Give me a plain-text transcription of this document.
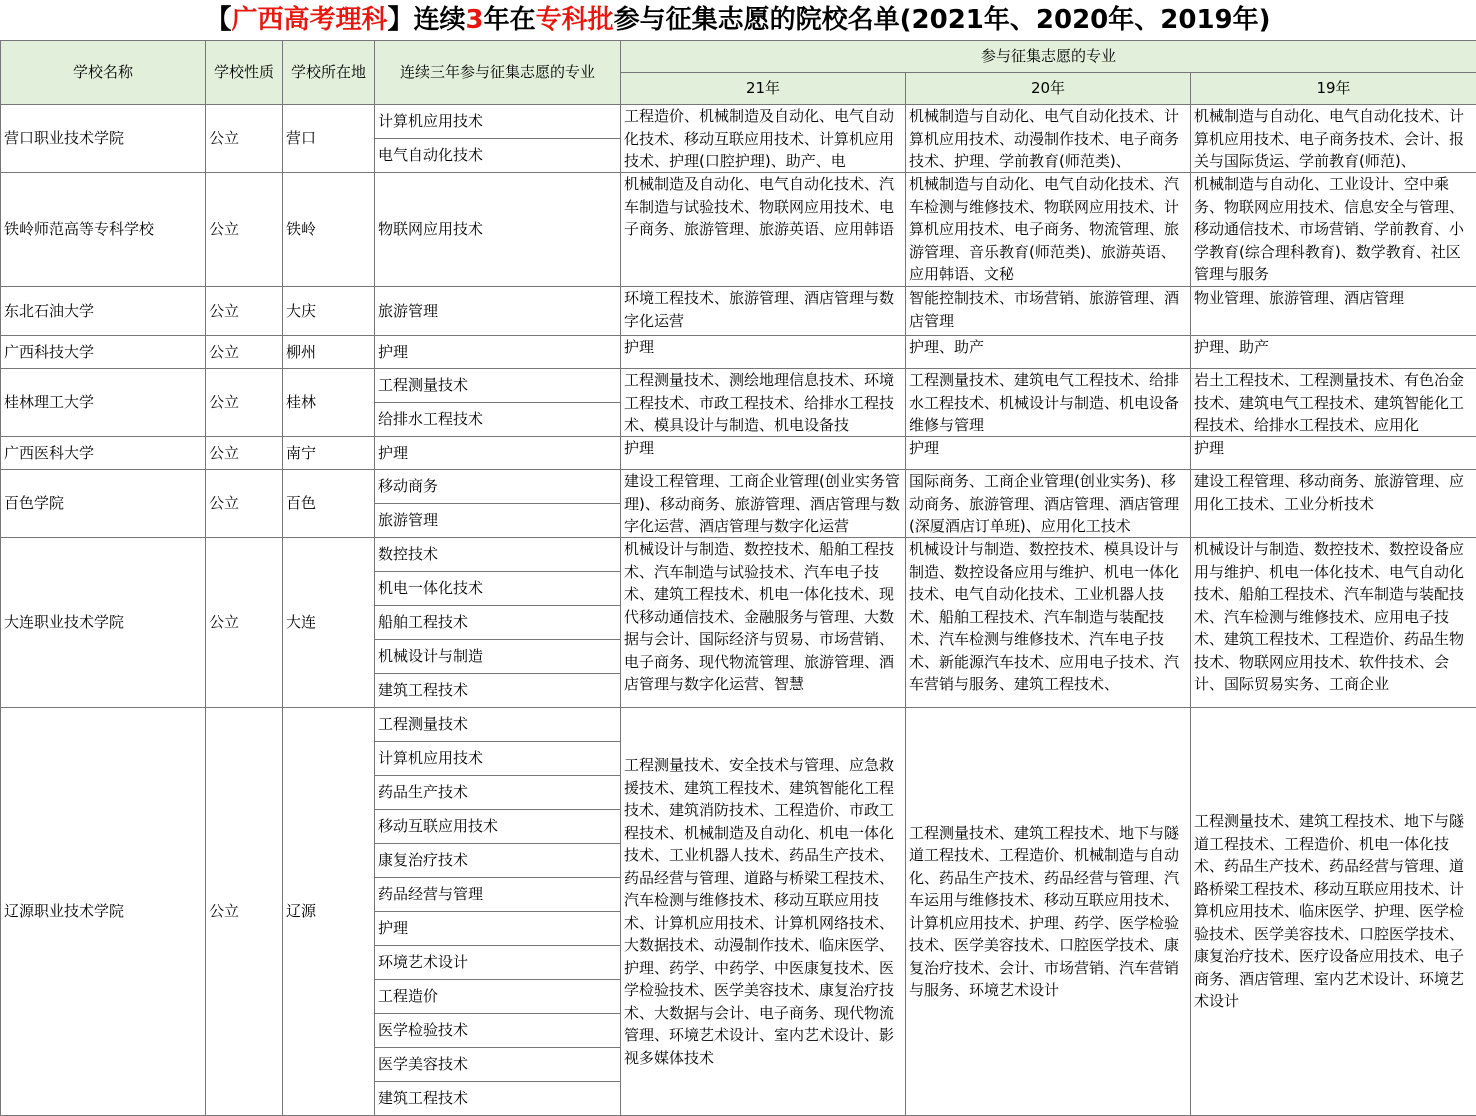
【广西高考理科】连续3年在专科批参与征集志愿的院校名单(2021年、2020年、2019年)
学校名称	学校性质	学校所在地	连续三年参与征集志愿的专业	参与征集志愿的专业		
				21年	20年	19年
营口职业技术学院	公立	营口	计算机应用技术	工程造价、机械制造及自动化、电气自动化技术、移动互联应用技术、计算机应用技术、护理(口腔护理)、助产、电	机械制造与自动化、电气自动化技术、计算机应用技术、动漫制作技术、电子商务技术、护理、学前教育(师范类)、	机械制造与自动化、电气自动化技术、计算机应用技术、电子商务技术、会计、报关与国际货运、学前教育(师范)、

			电气自动化技术			
铁岭师范高等专科学校	公立	铁岭	物联网应用技术	机械制造及自动化、电气自动化技术、汽车制造与试验技术、物联网应用技术、电子商务、旅游管理、旅游英语、应用韩语	机械制造与自动化、电气自动化技术、汽车检测与维修技术、物联网应用技术、计算机应用技术、电子商务、物流管理、旅游管理、音乐教育(师范类)、旅游英语、应用韩语、文秘	机械制造与自动化、工业设计、空中乘务、物联网应用技术、信息安全与管理、移动通信技术、市场营销、学前教育、小学教育(综合理科教育)、数学教育、社区管理与服务

东北石油大学	公立	大庆	旅游管理	环境工程技术、旅游管理、酒店管理与数字化运营	智能控制技术、市场营销、旅游管理、酒店管理	物业管理、旅游管理、酒店管理

广西科技大学	公立	柳州	护理	护理	护理、助产	护理、助产

桂林理工大学	公立	桂林	工程测量技术	工程测量技术、测绘地理信息技术、环境工程技术、市政工程技术、给排水工程技术、模具设计与制造、机电设备技	工程测量技术、建筑电气工程技术、给排水工程技术、机械设计与制造、机电设备维修与管理	岩土工程技术、工程测量技术、有色冶金技术、建筑电气工程技术、建筑智能化工程技术、给排水工程技术、应用化

			给排水工程技术			
广西医科大学	公立	南宁	护理	护理	护理	护理

百色学院	公立	百色	移动商务	建设工程管理、工商企业管理(创业实务管理)、移动商务、旅游管理、酒店管理与数字化运营、酒店管理与数字化运营	国际商务、工商企业管理(创业实务)、移动商务、旅游管理、酒店管理、酒店管理(深厦酒店订单班)、应用化工技术	建设工程管理、移动商务、旅游管理、应用化工技术、工业分析技术

			旅游管理			
大连职业技术学院	公立	大连	数控技术	机械设计与制造、数控技术、船舶工程技术、汽车制造与试验技术、汽车电子技术、建筑工程技术、机电一体化技术、现代移动通信技术、金融服务与管理、大数据与会计、国际经济与贸易、市场营销、电子商务、现代物流管理、旅游管理、酒店管理与数字化运营、智慧	机械设计与制造、数控技术、模具设计与制造、数控设备应用与维护、机电一体化技术、电气自动化技术、工业机器人技术、船舶工程技术、汽车制造与装配技术、汽车检测与维修技术、汽车电子技术、新能源汽车技术、应用电子技术、汽车营销与服务、建筑工程技术、	机械设计与制造、数控技术、数控设备应用与维护、机电一体化技术、电气自动化技术、船舶工程技术、汽车制造与装配技术、汽车检测与维修技术、应用电子技术、建筑工程技术、工程造价、药品生物技术、物联网应用技术、软件技术、会计、国际贸易实务、工商企业

			机电一体化技术			
			船舶工程技术			
			机械设计与制造			
			建筑工程技术			
辽源职业技术学院	公立	辽源	工程测量技术	工程测量技术、安全技术与管理、应急救援技术、建筑工程技术、建筑智能化工程技术、建筑消防技术、工程造价、市政工程技术、机械制造及自动化、机电一体化技术、工业机器人技术、药品生产技术、药品经营与管理、道路与桥梁工程技术、汽车检测与维修技术、移动互联应用技术、计算机应用技术、计算机网络技术、大数据技术、动漫制作技术、临床医学、护理、药学、中药学、中医康复技术、医学检验技术、医学美容技术、康复治疗技术、大数据与会计、电子商务、现代物流管理、环境艺术设计、室内艺术设计、影视多媒体技术	工程测量技术、建筑工程技术、地下与隧道工程技术、工程造价、机械制造与自动化、药品生产技术、药品经营与管理、汽车运用与维修技术、移动互联应用技术、计算机应用技术、护理、药学、医学检验技术、医学美容技术、口腔医学技术、康复治疗技术、会计、市场营销、汽车营销与服务、环境艺术设计	工程测量技术、建筑工程技术、地下与隧道工程技术、工程造价、机电一体化技术、药品生产技术、药品经营与管理、道路桥梁工程技术、移动互联应用技术、计算机应用技术、临床医学、护理、医学检验技术、医学美容技术、口腔医学技术、康复治疗技术、医疗设备应用技术、电子商务、酒店管理、室内艺术设计、环境艺术设计

			计算机应用技术			
			药品生产技术			
			移动互联应用技术			
			康复治疗技术			
			药品经营与管理			
			护理			
			环境艺术设计			
			工程造价			
			医学检验技术			
			医学美容技术			
			建筑工程技术			
